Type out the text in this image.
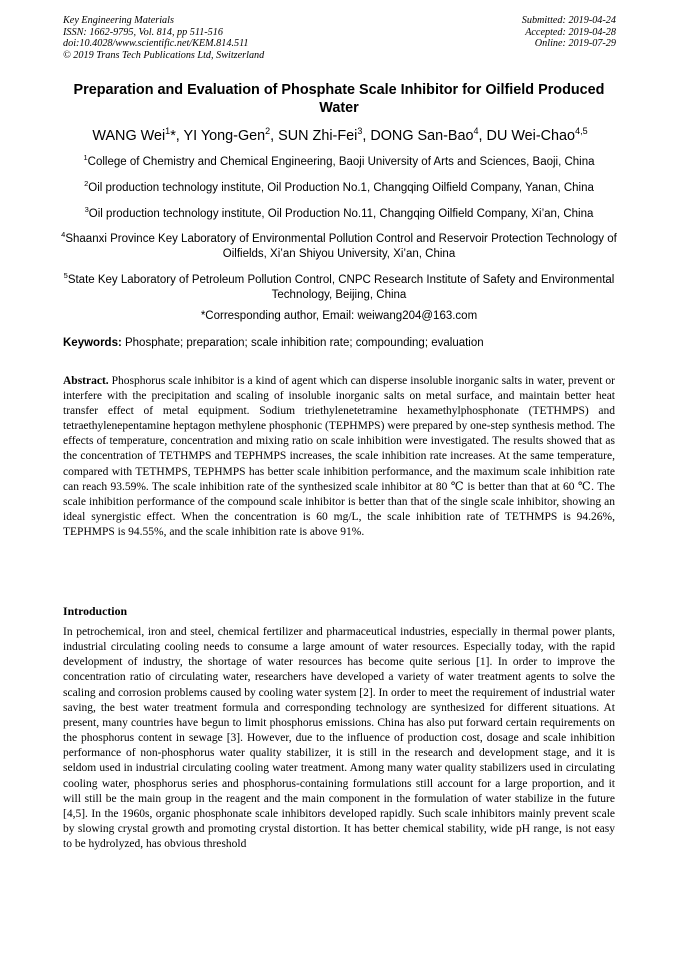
Key Engineering Materials
ISSN: 1662-9795, Vol. 814, pp 511-516
doi:10.4028/www.scientific.net/KEM.814.511
© 2019 Trans Tech Publications Ltd, Switzerland
Submitted: 2019-04-24
Accepted: 2019-04-28
Online: 2019-07-29
Preparation and Evaluation of Phosphate Scale Inhibitor for Oilfield Produced Water
WANG Wei$^1$*, YI Yong-Gen$^2$, SUN Zhi-Fei$^3$, DONG San-Bao$^4$, DU Wei-Chao$^{4,5}$
$^1$College of Chemistry and Chemical Engineering, Baoji University of Arts and Sciences, Baoji, China
$^2$Oil production technology institute, Oil Production No.1, Changqing Oilfield Company, Yanan, China
$^3$Oil production technology institute, Oil Production No.11, Changqing Oilfield Company, Xi’an, China
$^4$Shaanxi Province Key Laboratory of Environmental Pollution Control and Reservoir Protection Technology of Oilfields, Xi’an Shiyou University, Xi’an, China
$^5$State Key Laboratory of Petroleum Pollution Control, CNPC Research Institute of Safety and Environmental Technology, Beijing, China
*Corresponding author, Email: weiwang204@163.com
Keywords: Phosphate; preparation; scale inhibition rate; compounding; evaluation
Abstract. Phosphorus scale inhibitor is a kind of agent which can disperse insoluble inorganic salts in water, prevent or interfere with the precipitation and scaling of insoluble inorganic salts on metal surface, and maintain better heat transfer effect of metal equipment. Sodium triethylenetetramine hexamethylphosphonate (TETHMPS) and tetraethylenepentamine heptagon methylene phosphonic (TEPHMPS) were prepared by one-step synthesis method. The effects of temperature, concentration and mixing ratio on scale inhibition were investigated. The results showed that as the concentration of TETHMPS and TEPHMPS increases, the scale inhibition rate increases. At the same temperature, compared with TETHMPS, TEPHMPS has better scale inhibition performance, and the maximum scale inhibition rate can reach 93.59%. The scale inhibition rate of the synthesized scale inhibitor at 80 ℃ is better than that at 60 ℃. The scale inhibition performance of the compound scale inhibitor is better than that of the single scale inhibitor, showing an ideal synergistic effect. When the concentration is 60 mg/L, the scale inhibition rate of TETHMPS is 94.26%, TEPHMPS is 94.55%, and the scale inhibition rate is above 91%.
Introduction
In petrochemical, iron and steel, chemical fertilizer and pharmaceutical industries, especially in thermal power plants, industrial circulating cooling needs to consume a large amount of water resources. Especially today, with the rapid development of industry, the shortage of water resources has become quite serious [1]. In order to improve the concentration ratio of circulating water, researchers have developed a variety of water treatment agents to solve the scaling and corrosion problems caused by cooling water system [2]. In order to meet the requirement of industrial water saving, the best water treatment formula and corresponding technology are synthesized for different situations. At present, many countries have begun to limit phosphorus emissions. China has also put forward certain requirements on the phosphorus content in sewage [3]. However, due to the influence of production cost, dosage and scale inhibition performance of non-phosphorus water quality stabilizer, it is still in the research and development stage, and it is seldom used in industrial circulating cooling water treatment. Among many water quality stabilizers used in circulating cooling water, phosphorus series and phosphorus-containing formulations still account for a large proportion, and it will still be the main group in the reagent and the main component in the formulation of water stabilize in the future [4,5]. In the 1960s, organic phosphonate scale inhibitors developed rapidly. Such scale inhibitors mainly prevent scale by slowing crystal growth and promoting crystal distortion. It has better chemical stability, wide pH range, is not easy to be hydrolyzed, has obvious threshold
